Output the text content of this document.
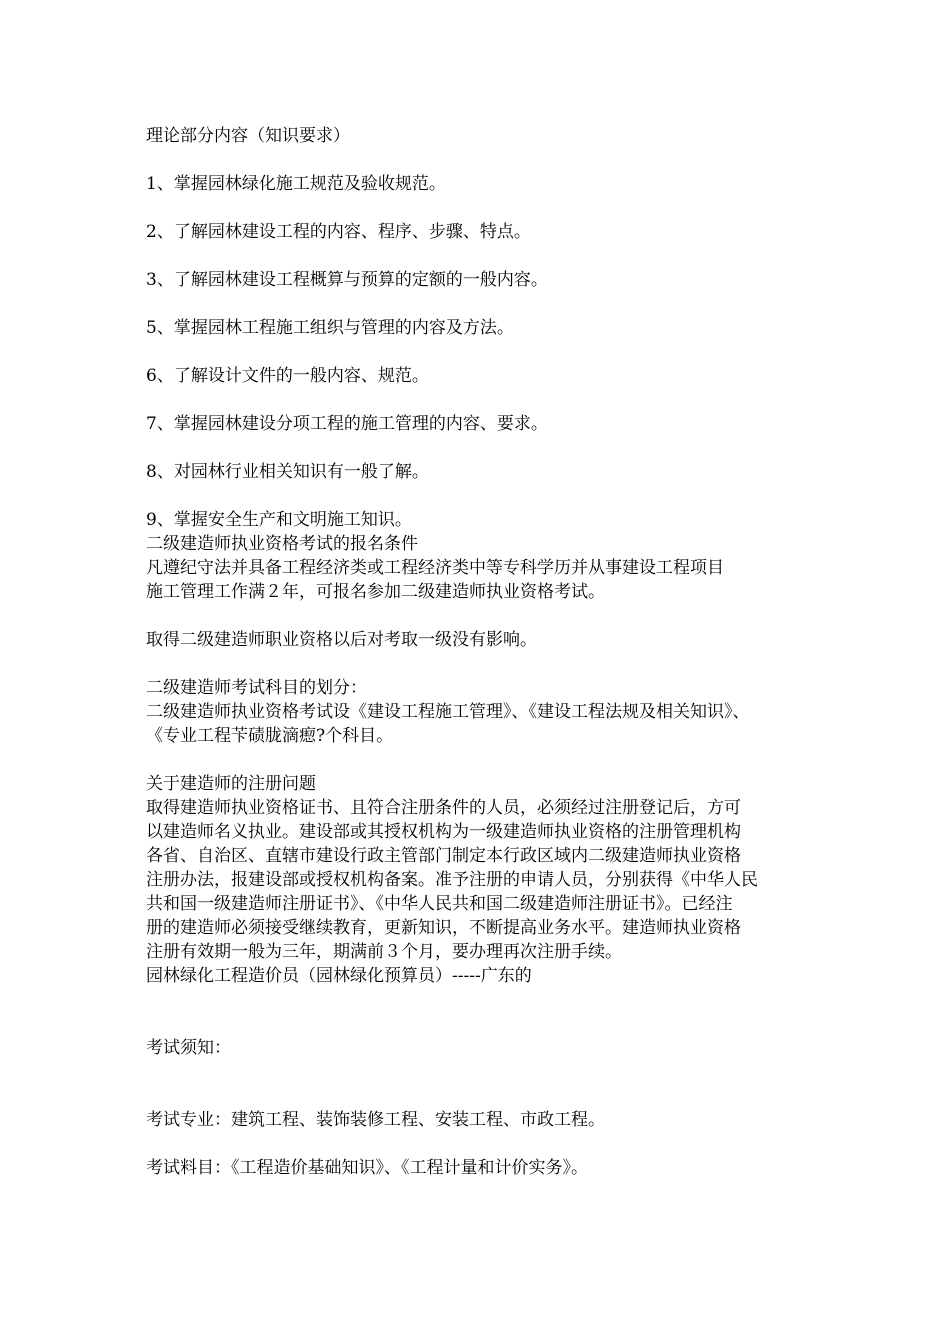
理论部分内容（知识要求）
1、掌握园林绿化施工规范及验收规范。
2、了解园林建设工程的内容、程序、步骤、特点。
3、了解园林建设工程概算与预算的定额的一般内容。
5、掌握园林工程施工组织与管理的内容及方法。
6、了解设计文件的一般内容、规范。
7、掌握园林建设分项工程的施工管理的内容、要求。
8、对园林行业相关知识有一般了解。
9、掌握安全生产和文明施工知识。
二级建造师执业资格考试的报名条件
凡遵纪守法并具备工程经济类或工程经济类中等专科学历并从事建设工程项目
施工管理工作满２年，可报名参加二级建造师执业资格考试。
取得二级建造师职业资格以后对考取一级没有影响。
二级建造师考试科目的划分：
二级建造师执业资格考试设《建设工程施工管理》、《建设工程法规及相关知识》、
《专业工程苄碛胧滴瘛?个科目。
关于建造师的注册问题
取得建造师执业资格证书、且符合注册条件的人员，必须经过注册登记后，方可
以建造师名义执业。建设部或其授权机构为一级建造师执业资格的注册管理机构
各省、自治区、直辖市建设行政主管部门制定本行政区域内二级建造师执业资格
注册办法，报建设部或授权机构备案。准予注册的申请人员，分别获得《中华人民
共和国一级建造师注册证书》、《中华人民共和国二级建造师注册证书》。已经注
册的建造师必须接受继续教育，更新知识，不断提高业务水平。建造师执业资格
注册有效期一般为三年，期满前３个月，要办理再次注册手续。
园林绿化工程造价员（园林绿化预算员）-----广东的
考试须知：
考试专业：建筑工程、装饰装修工程、安装工程、市政工程。
考试料目：《工程造价基础知识》、《工程计量和计价实务》。
